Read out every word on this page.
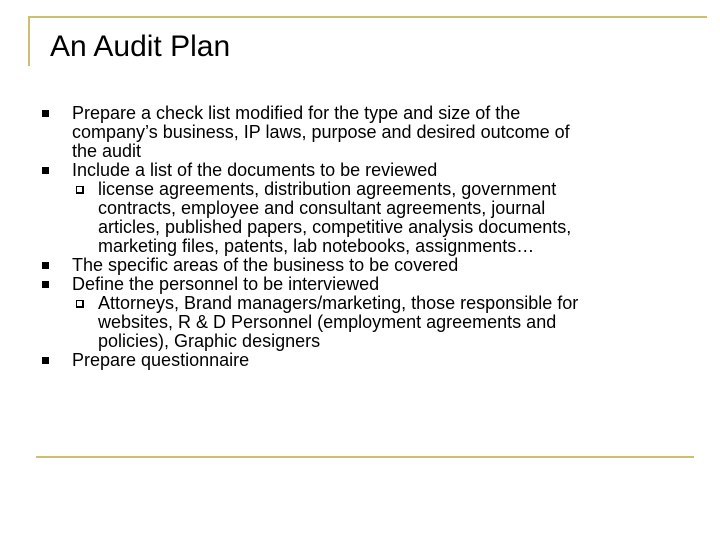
An Audit Plan
Prepare a check list modified for the type and size of the
company’s business, IP laws, purpose and desired outcome of
the audit
Include a list of the documents to be reviewed
license agreements, distribution agreements, government
contracts, employee and consultant agreements, journal
articles, published papers, competitive analysis documents,
marketing files, patents, lab notebooks, assignments…
The specific areas of the business to be covered
Define the personnel to be interviewed
Attorneys, Brand managers/marketing, those responsible for
websites, R & D Personnel (employment agreements and
policies), Graphic designers
Prepare questionnaire
